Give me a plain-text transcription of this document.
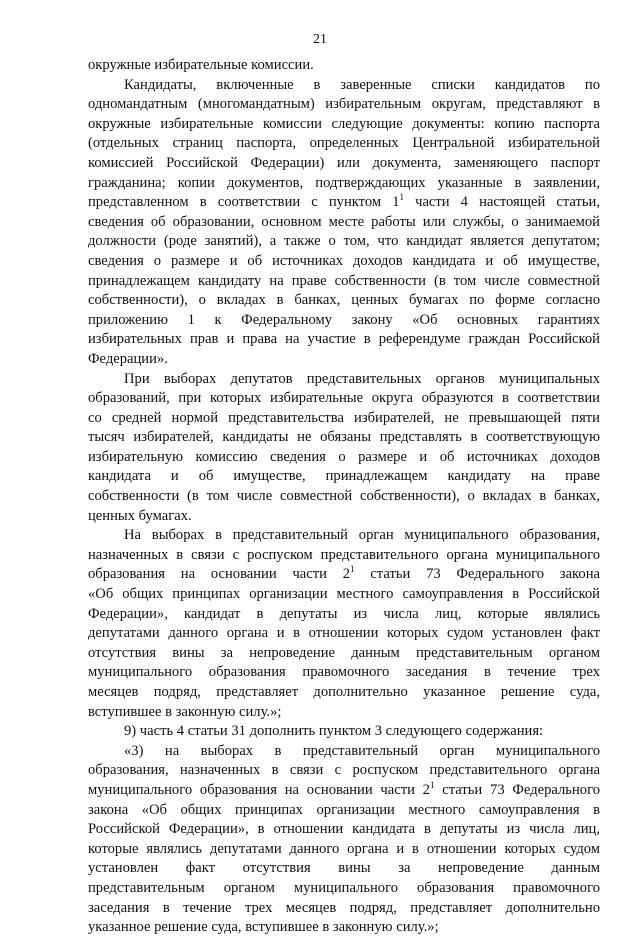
21
окружные избирательные комиссии.
Кандидаты, включенные в заверенные списки кандидатов по
одномандатным (многомандатным) избирательным округам, представляют в
окружные избирательные комиссии следующие документы: копию паспорта
(отдельных страниц паспорта, определенных Центральной избирательной
комиссией Российской Федерации) или документа, заменяющего паспорт
гражданина; копии документов, подтверждающих указанные в заявлении,
представленном в соответствии с пунктом $1^1$ части 4 настоящей статьи,
сведения об образовании, основном месте работы или службы, о занимаемой
должности (роде занятий), а также о том, что кандидат является депутатом;
сведения о размере и об источниках доходов кандидата и об имуществе,
принадлежащем кандидату на праве собственности (в том числе совместной
собственности), о вкладах в банках, ценных бумагах по форме согласно
приложению 1 к Федеральному закону «Об основных гарантиях
избирательных прав и права на участие в референдуме граждан Российской
Федерации».
При выборах депутатов представительных органов муниципальных
образований, при которых избирательные округа образуются в соответствии
со средней нормой представительства избирателей, не превышающей пяти
тысяч избирателей, кандидаты не обязаны представлять в соответствующую
избирательную комиссию сведения о размере и об источниках доходов
кандидата и об имуществе, принадлежащем кандидату на праве
собственности (в том числе совместной собственности), о вкладах в банках,
ценных бумагах.
На выборах в представительный орган муниципального образования,
назначенных в связи с роспуском представительного органа муниципального
образования на основании части $2^1$ статьи 73 Федерального закона
«Об общих принципах организации местного самоуправления в Российской
Федерации», кандидат в депутаты из числа лиц, которые являлись
депутатами данного органа и в отношении которых судом установлен факт
отсутствия вины за непроведение данным представительным органом
муниципального образования правомочного заседания в течение трех
месяцев подряд, представляет дополнительно указанное решение суда,
вступившее в законную силу.»;
9) часть 4 статьи 31 дополнить пунктом 3 следующего содержания:
«3) на выборах в представительный орган муниципального
образования, назначенных в связи с роспуском представительного органа
муниципального образования на основании части $2^1$ статьи 73 Федерального
закона «Об общих принципах организации местного самоуправления в
Российской Федерации», в отношении кандидата в депутаты из числа лиц,
которые являлись депутатами данного органа и в отношении которых судом
установлен факт отсутствия вины за непроведение данным
представительным органом муниципального образования правомочного
заседания в течение трех месяцев подряд, представляет дополнительно
указанное решение суда, вступившее в законную силу.»;
